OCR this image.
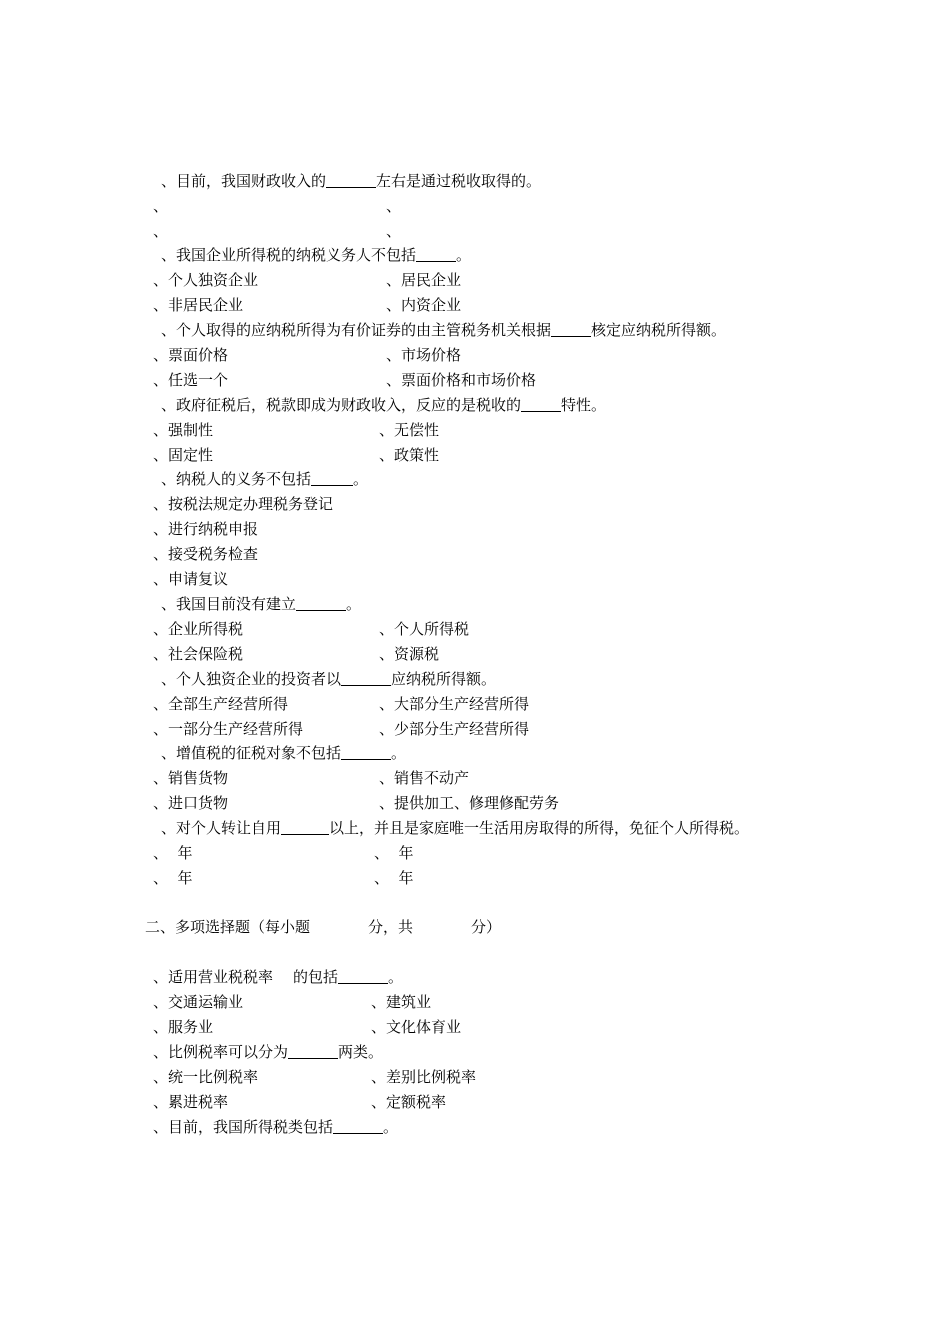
、目前，我国财政收入的	左右是通过税收取得的。
、	、
、	、
、我国企业所得税的纳税义务人不包括	。
、个人独资企业	、居民企业
、非居民企业	、内资企业
、个人取得的应纳税所得为有价证券的由主管税务机关根据	核定应纳税所得额。
、票面价格	、市场价格
、任选一个	、票面价格和市场价格
、政府征税后，税款即成为财政收入，反应的是税收的	特性。
、强制性	、无偿性
、固定性	、政策性
、纳税人的义务不包括	。
、按税法规定办理税务登记
、进行纳税申报
、接受税务检查
、申请复议
、我国目前没有建立	。
、企业所得税	、个人所得税
、社会保险税	、资源税
、个人独资企业的投资者以	应纳税所得额。
、全部生产经营所得	、大部分生产经营所得
、一部分生产经营所得	、少部分生产经营所得
、增值税的征税对象不包括	。
、销售货物	、销售不动产
、进口货物	、提供加工、修理修配劳务
、对个人转让自用	以上，并且是家庭唯一生活用房取得的所得，免征个人所得税。
、  年	、  年
、  年	、  年
二、多项选择题（每小题	分，共	分）
、适用营业税税率 的包括	。
、交通运输业	、建筑业
、服务业	、文化体育业
、比例税率可以分为	两类。
、统一比例税率	、差别比例税率
、累进税率	、定额税率
、目前，我国所得税类包括	。
